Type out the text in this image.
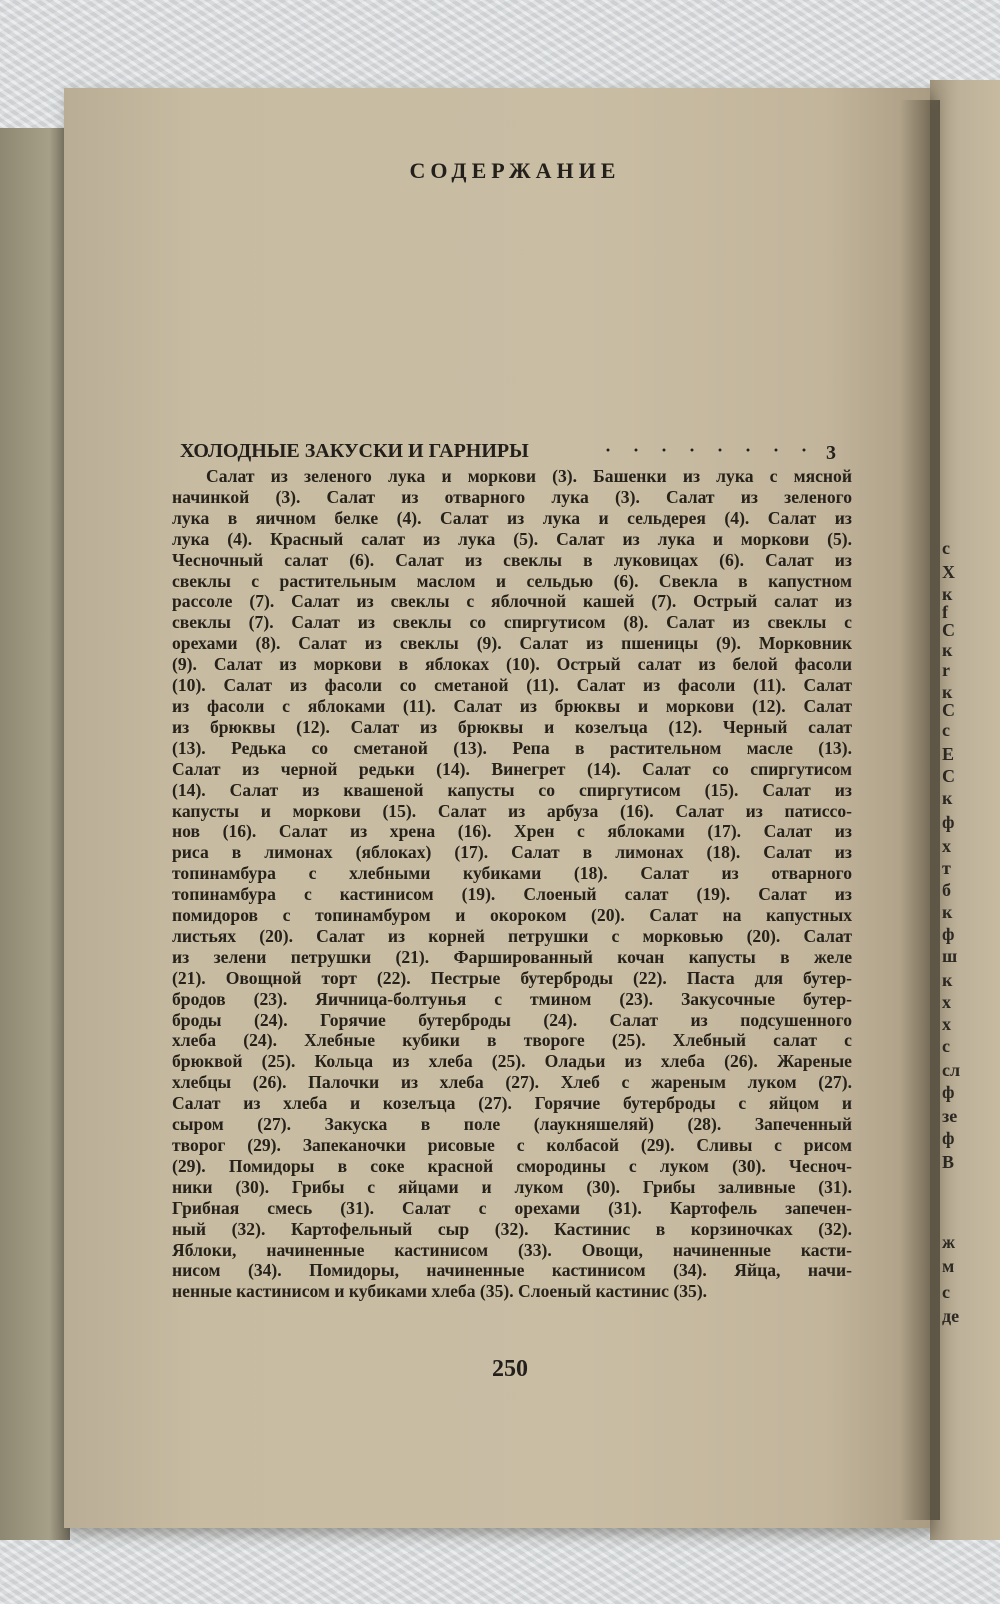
с
Х
к
f
С
к
r
к
С
с
Е
С
к
ф
х
т
б
к
ф
ш
к
х
х
с
сл
ф
зе
ф
В
ж
м
с
де
СОДЕРЖАНИЕ
ХОЛОДНЫЕ ЗАКУСКИ И ГАРНИРЫ	3

Салат из зеленого лука и моркови (3). Башенки из лука с мясной
начинкой (3). Салат из отварного лука (3). Салат из зеленого
лука в яичном белке (4). Салат из лука и сельдерея (4). Салат из
лука (4). Красный салат из лука (5). Салат из лука и моркови (5).
Чесночный салат (6). Салат из свеклы в луковицах (6). Салат из
свеклы с растительным маслом и сельдью (6). Свекла в капустном
рассоле (7). Салат из свеклы с яблочной кашей (7). Острый салат из
свеклы (7). Салат из свеклы со спиргутисом (8). Салат из свеклы с
орехами (8). Салат из свеклы (9). Салат из пшеницы (9). Морковник
(9). Салат из моркови в яблоках (10). Острый салат из белой фасоли
(10). Салат из фасоли со сметаной (11). Салат из фасоли (11). Салат
из фасоли с яблоками (11). Салат из брюквы и моркови (12). Салат
из брюквы (12). Салат из брюквы и козелъца (12). Черный салат
(13). Редька со сметаной (13). Репа в растительном масле (13).
Салат из черной редьки (14). Винегрет (14). Салат со спиргутисом
(14). Салат из квашеной капусты со спиргутисом (15). Салат из
капусты и моркови (15). Салат из арбуза (16). Салат из патиссо-
нов (16). Салат из хрена (16). Хрен с яблоками (17). Салат из
риса в лимонах (яблоках) (17). Салат в лимонах (18). Салат из
топинамбура с хлебными кубиками (18). Салат из отварного
топинамбура с кастинисом (19). Слоеный салат (19). Салат из
помидоров с топинамбуром и окороком (20). Салат на капустных
листьях (20). Салат из корней петрушки с морковью (20). Салат
из зелени петрушки (21). Фаршированный кочан капусты в желе
(21). Овощной торт (22). Пестрые бутерброды (22). Паста для бутер-
бродов (23). Яичница-болтунья с тмином (23). Закусочные бутер-
броды (24). Горячие бутерброды (24). Салат из подсушенного
хлеба (24). Хлебные кубики в твороге (25). Хлебный салат с
брюквой (25). Кольца из хлеба (25). Оладьи из хлеба (26). Жареные
хлебцы (26). Палочки из хлеба (27). Хлеб с жареным луком (27).
Салат из хлеба и козелъца (27). Горячие бутерброды с яйцом и
сыром (27). Закуска в поле (лаукняшеляй) (28). Запеченный
творог (29). Запеканочки рисовые с колбасой (29). Сливы с рисом
(29). Помидоры в соке красной смородины с луком (30). Чесноч-
ники (30). Грибы с яйцами и луком (30). Грибы заливные (31).
Грибная смесь (31). Салат с орехами (31). Картофель запечен-
ный (32). Картофельный сыр (32). Кастинис в корзиночках (32).
Яблоки, начиненные кастинисом (33). Овощи, начиненные касти-
нисом (34). Помидоры, начиненные кастинисом (34). Яйца, начи-
ненные кастинисом и кубиками хлеба (35). Слоеный кастинис (35).

250
